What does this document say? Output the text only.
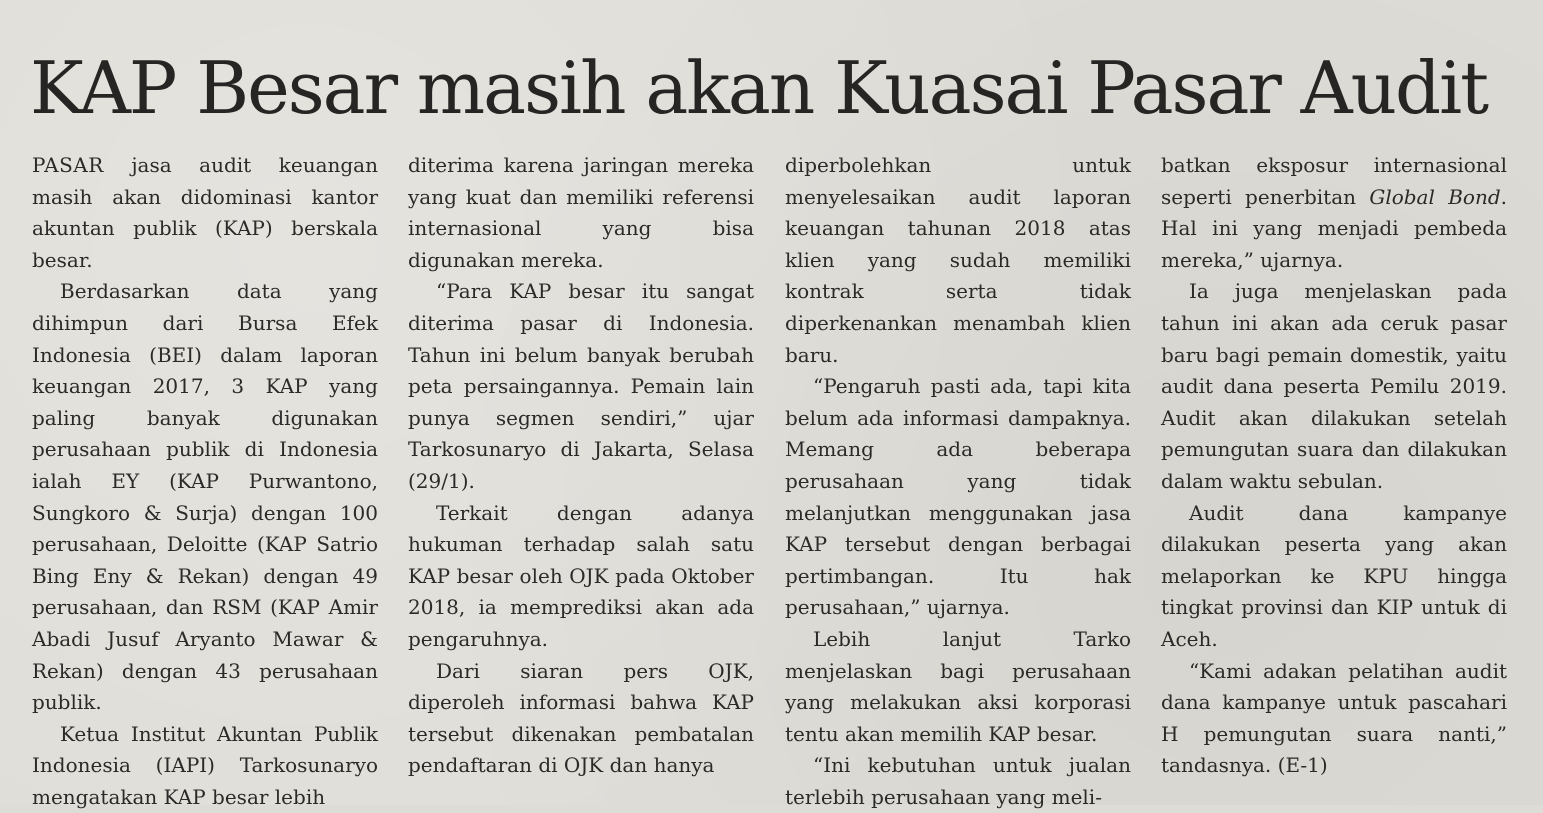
KAP Besar masih akan Kuasai Pasar Audit

PASAR jasa audit keuangan masih akan didominasi kantor akuntan publik (KAP) berskala besar.

Berdasarkan data yang dihimpun dari Bursa Efek Indonesia (BEI) dalam laporan keuangan 2017, 3 KAP yang paling banyak digunakan perusahaan publik di Indonesia ialah EY (KAP Purwantono, Sungkoro & Surja) dengan 100 perusahaan, Deloitte (KAP Satrio Bing Eny & Rekan) dengan 49 perusahaan, dan RSM (KAP Amir Abadi Jusuf Aryanto Mawar & Rekan) dengan 43 perusahaan publik.

Ketua Institut Akuntan Publik Indonesia (IAPI) Tarkosunaryo mengatakan KAP besar lebih

diterima karena jaringan mereka yang kuat dan memiliki referensi internasional yang bisa digunakan mereka.

“Para KAP besar itu sangat diterima pasar di Indonesia. Tahun ini belum banyak berubah peta persaingannya. Pemain lain punya segmen sendiri,” ujar Tarkosunaryo di Jakarta, Selasa (29/1).

Terkait dengan adanya hukuman terhadap salah satu KAP besar oleh OJK pada Oktober 2018, ia memprediksi akan ada pengaruhnya.

Dari siaran pers OJK, diperoleh informasi bahwa KAP tersebut dikenakan pembatalan pendaftaran di OJK dan hanya

diperbolehkan untuk menyelesaikan audit laporan keuangan tahunan 2018 atas klien yang sudah memiliki kontrak serta tidak diperkenankan menambah klien baru.

“Pengaruh pasti ada, tapi kita belum ada informasi dampaknya. Memang ada beberapa perusahaan yang tidak melanjutkan menggunakan jasa KAP tersebut dengan berbagai pertimbangan. Itu hak perusahaan,” ujarnya.

Lebih lanjut Tarko menjelaskan bagi perusahaan yang melakukan aksi korporasi tentu akan memilih KAP besar.

“Ini kebutuhan untuk jualan terlebih perusahaan yang meli-

batkan eksposur internasional seperti penerbitan Global Bond. Hal ini yang menjadi pembeda mereka,” ujarnya.

Ia juga menjelaskan pada tahun ini akan ada ceruk pasar baru bagi pemain domestik, yaitu audit dana peserta Pemilu 2019. Audit akan dilakukan setelah pemungutan suara dan dilakukan dalam waktu sebulan.

Audit dana kampanye dilakukan peserta yang akan melaporkan ke KPU hingga tingkat provinsi dan KIP untuk di Aceh.

“Kami adakan pelatihan audit dana kampanye untuk pascahari H pemungutan suara nanti,” tandasnya. (E-1)
